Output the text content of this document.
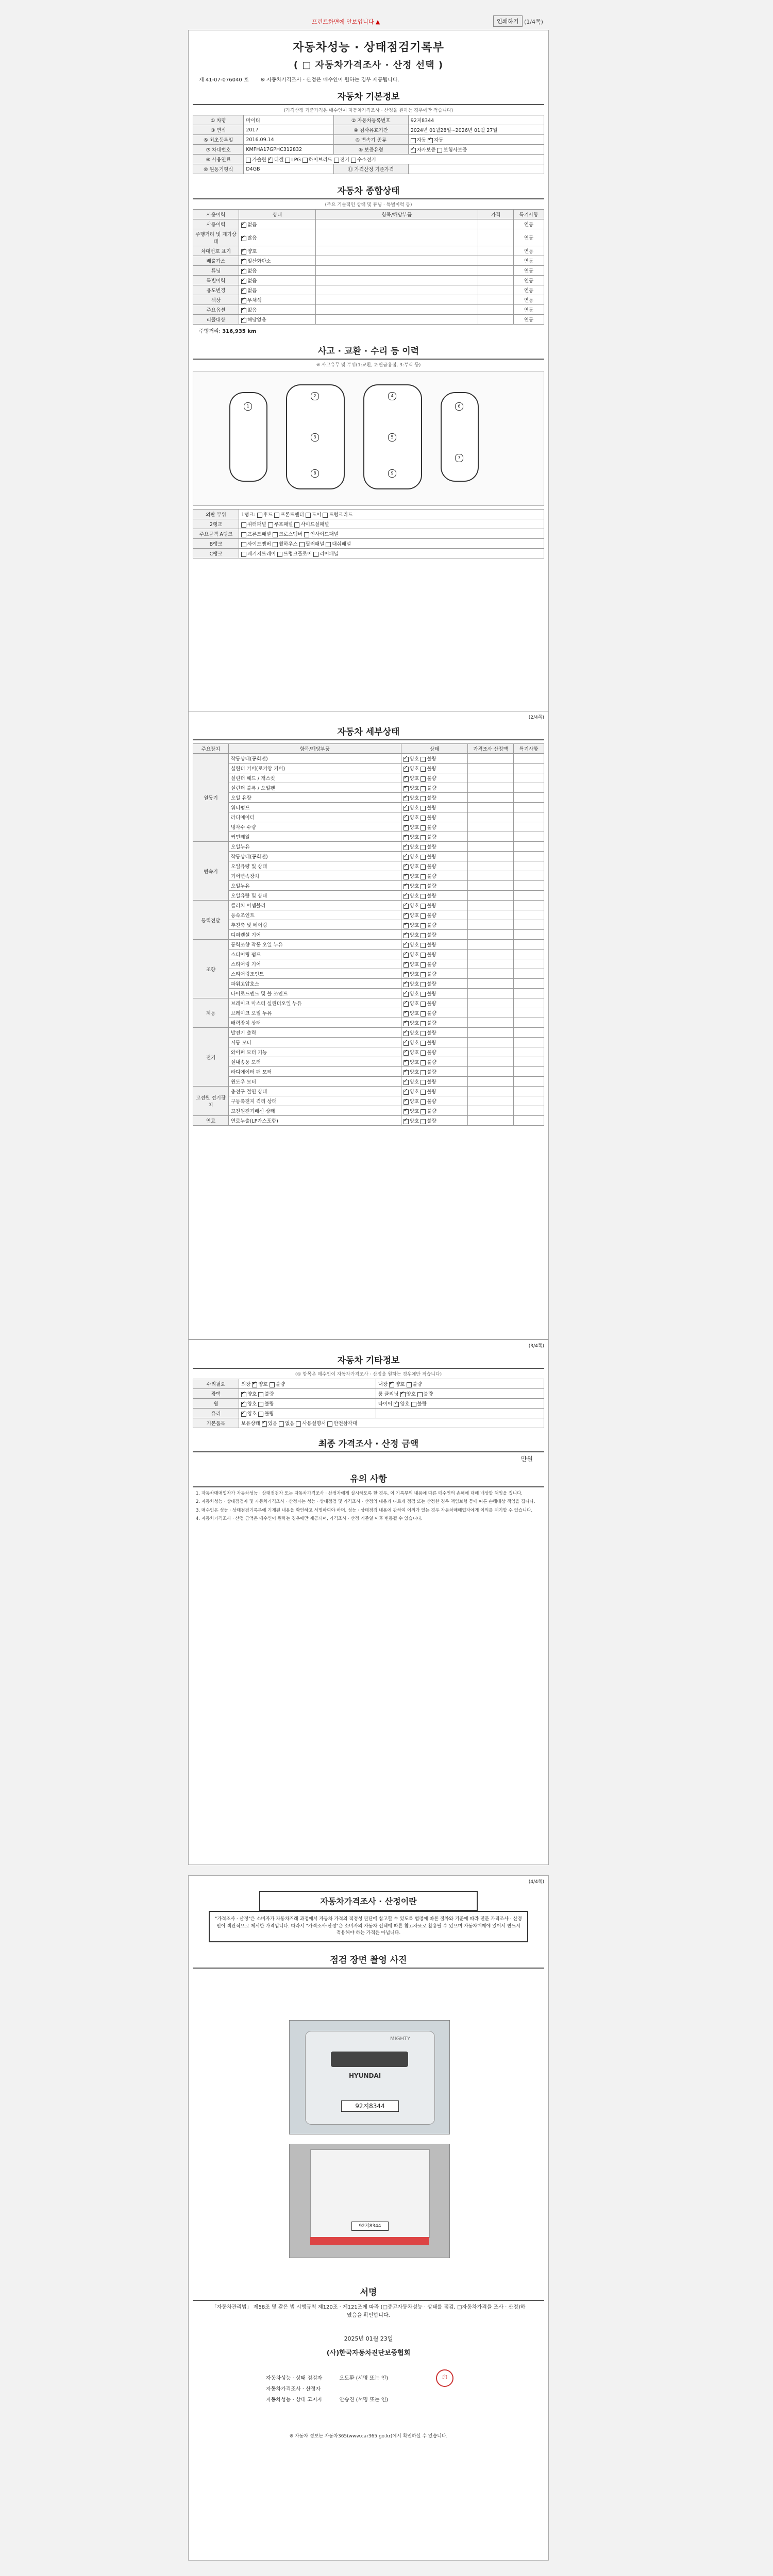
프린트화면에 안보입니다 ▲	인쇄하기 (1/4쪽)
자동차성능 · 상태점검기록부
( □ 자동차가격조사 · 산정 선택 )
제 41-07-076040 호 ※ 자동차가격조사 · 산정은 매수인이 원하는 경우 제공됩니다.
자동차 기본정보
(가격산정 기준가격은 매수인이 자동차가격조사 · 산정을 원하는 경우에만 적습니다)
① 차명	마이티	② 자동차등록번호	92지8344
③ 연식	2017	④ 검사유효기간	2024년 01월28일~2026년 01월 27일
⑤ 최초등록일	2016.09.14	⑥ 변속기 종류	자동 ✓자동
⑦ 차대번호	KMFHA17GPHC312832	⑧ 보증유형	✓자가보증 보험사보증
⑨ 사용연료	가솔린 ✓디젤 LPG 하이브리드 전기 수소전기
⑩ 원동기형식	D4GB	⑪ 가격산정 기준가격	
자동차 종합상태
(주요 기술적인 상태 및 튜닝 · 특별이력 등)
사용이력	상태	항목/해당부품	가격	특기사항
사용이력	✓없음			연동
주행거리 및 계기상태	✓많음			연동
차대번호 표기	✓양호			연동
배출가스	✓일산화탄소			연동
튜닝	✓없음			연동
특별이력	✓없음			연동
용도변경	✓없음			연동
색상	✓무채색			연동
주요옵션	✓없음			연동
리콜대상	✓해당없음			연동
주행거리: 316,935 km
사고 · 교환 · 수리 등 이력
※ 사고유무 및 부위(1:교환, 2:판금용접, 3:부식 등)
1
2
3
4
5
6
7
8	9
외판 부위	1랭크: 후드 프론트펜더 도어 트렁크리드
2랭크	쿼터패널 루프패널 사이드실패널
주요골격 A랭크	프론트패널 크로스멤버 인사이드패널
B랭크	사이드멤버 휠하우스 필러패널 대쉬패널
C랭크	패키지트레이 트렁크플로어 리어패널
(2/4쪽)
자동차 세부상태
주요장치	항목/해당부품	상태	가격조사·산정액	특기사항
원동기	작동상태(공회전)	✓양호 불량		
	실린더 커버(로커암 커버)	✓양호 불량		
	실린더 헤드 / 개스킷	✓양호 불량		
	실린더 블록 / 오일팬	✓양호 불량		
	오일 유량	✓양호 불량		
	워터펌프	✓양호 불량		
	라디에이터	✓양호 불량		
	냉각수 수량	✓양호 불량		
	커먼레일	✓양호 불량		
변속기	오일누유	✓양호 불량		
	작동상태(공회전)	✓양호 불량		
	오일유량 및 상태	✓양호 불량		
	기어변속장치	✓양호 불량		
	오일누유	✓양호 불량		
	오일유량 및 상태	✓양호 불량		
동력전달	클러치 어셈블리	✓양호 불량		
	등속조인트	✓양호 불량		
	추진축 및 베어링	✓양호 불량		
	디퍼렌셜 기어	✓양호 불량		
조향	동력조향 작동 오일 누유	✓양호 불량		
	스티어링 펌프	✓양호 불량		
	스티어링 기어	✓양호 불량		
	스티어링조인트	✓양호 불량		
	파워고압호스	✓양호 불량		
	타이로드엔드 및 볼 조인트	✓양호 불량		
제동	브레이크 마스터 실린더오일 누유	✓양호 불량		
	브레이크 오일 누유	✓양호 불량		
	배력장치 상태	✓양호 불량		
전기	발전기 출력	✓양호 불량		
	시동 모터	✓양호 불량		
	와이퍼 모터 기능	✓양호 불량		
	실내송풍 모터	✓양호 불량		
	라디에이터 팬 모터	✓양호 불량		
	윈도우 모터	✓양호 불량		
고전원 전기장치	충전구 절연 상태	✓양호 불량		
	구동축전지 격리 상태	✓양호 불량		
	고전원전기배선 상태	✓양호 불량		
연료	연료누출(LP가스포함)	✓양호 불량		
(3/4쪽)
자동차 기타정보
(① 항목은 매수인이 자동차가격조사 · 산정을 원하는 경우에만 적습니다)
수리필요	외장 ✓양호 불량	내장 ✓양호 불량
광택	✓양호 불량	룸 클리닝 ✓양호 불량
휠	✓양호 불량	타이어 ✓양호 불량
유리	✓양호 불량	
기본품목	보유상태 ✓있음 없음 사용설명서 안전삼각대
최종 가격조사 · 산정 금액
만원
유의 사항

1. 자동차매매업자가 자동차성능 · 상태점검자 또는 자동차가격조사 · 산정자에게 실시하도록 한 경우, 이 기록부의 내용에 따른 매수인의 손해에 대해 배상할 책임을 집니다.

2. 자동차성능 · 상태점검자 및 자동차가격조사 · 산정자는 성능 · 상태점검 및 가격조사 · 산정의 내용과 다르게 점검 또는 산정한 경우 책임보험 등에 따른 손해배상 책임을 집니다.

3. 매수인은 성능 · 상태점검기록부에 기재된 내용을 확인하고 서명하여야 하며, 성능 · 상태점검 내용에 관하여 이의가 있는 경우 자동차매매업자에게 이의를 제기할 수 있습니다.

4. 자동차가격조사 · 산정 금액은 매수인이 원하는 경우에만 제공되며, 가격조사 · 산정 기준일 이후 변동될 수 있습니다.

(4/4쪽)
자동차가격조사 · 산정이란
"가격조사 · 산정"은 소비자가 자동차거래 과정에서 자동차 가격의 적정성 판단에 참고할 수 있도록 법령에 따른 절차와 기준에 따라 전문 가격조사 · 산정인이 객관적으로 제시한 가격입니다. 따라서 "가격조사·산정"은 소비자의 자동차 선택에 따른 참고자료로 활용될 수 있으며 자동차매매에 있어서 반드시 적용해야 하는 가격은 아닙니다.
점검 장면 촬영 사진
HYUNDAI
MIGHTY
92지8344
92지8344
서명
「자동차관리법」 제58조 및 같은 법 시행규칙 제120조 · 제121조에 따라 (□중고자동차성능 · 상태를 점검, □자동차가격을 조사 · 산정)하였음을 확인합니다.
2025년 01월 23일
(사)한국자동차진단보증협회
자동차성능 · 상태 점검자	오도환 (서명 또는 인)
자동차가격조사 · 산정자
자동차성능 · 상태 고지자	안승진 (서명 또는 인)
印
※ 자동차 정보는 자동차365(www.car365.go.kr)에서 확인하실 수 있습니다.
